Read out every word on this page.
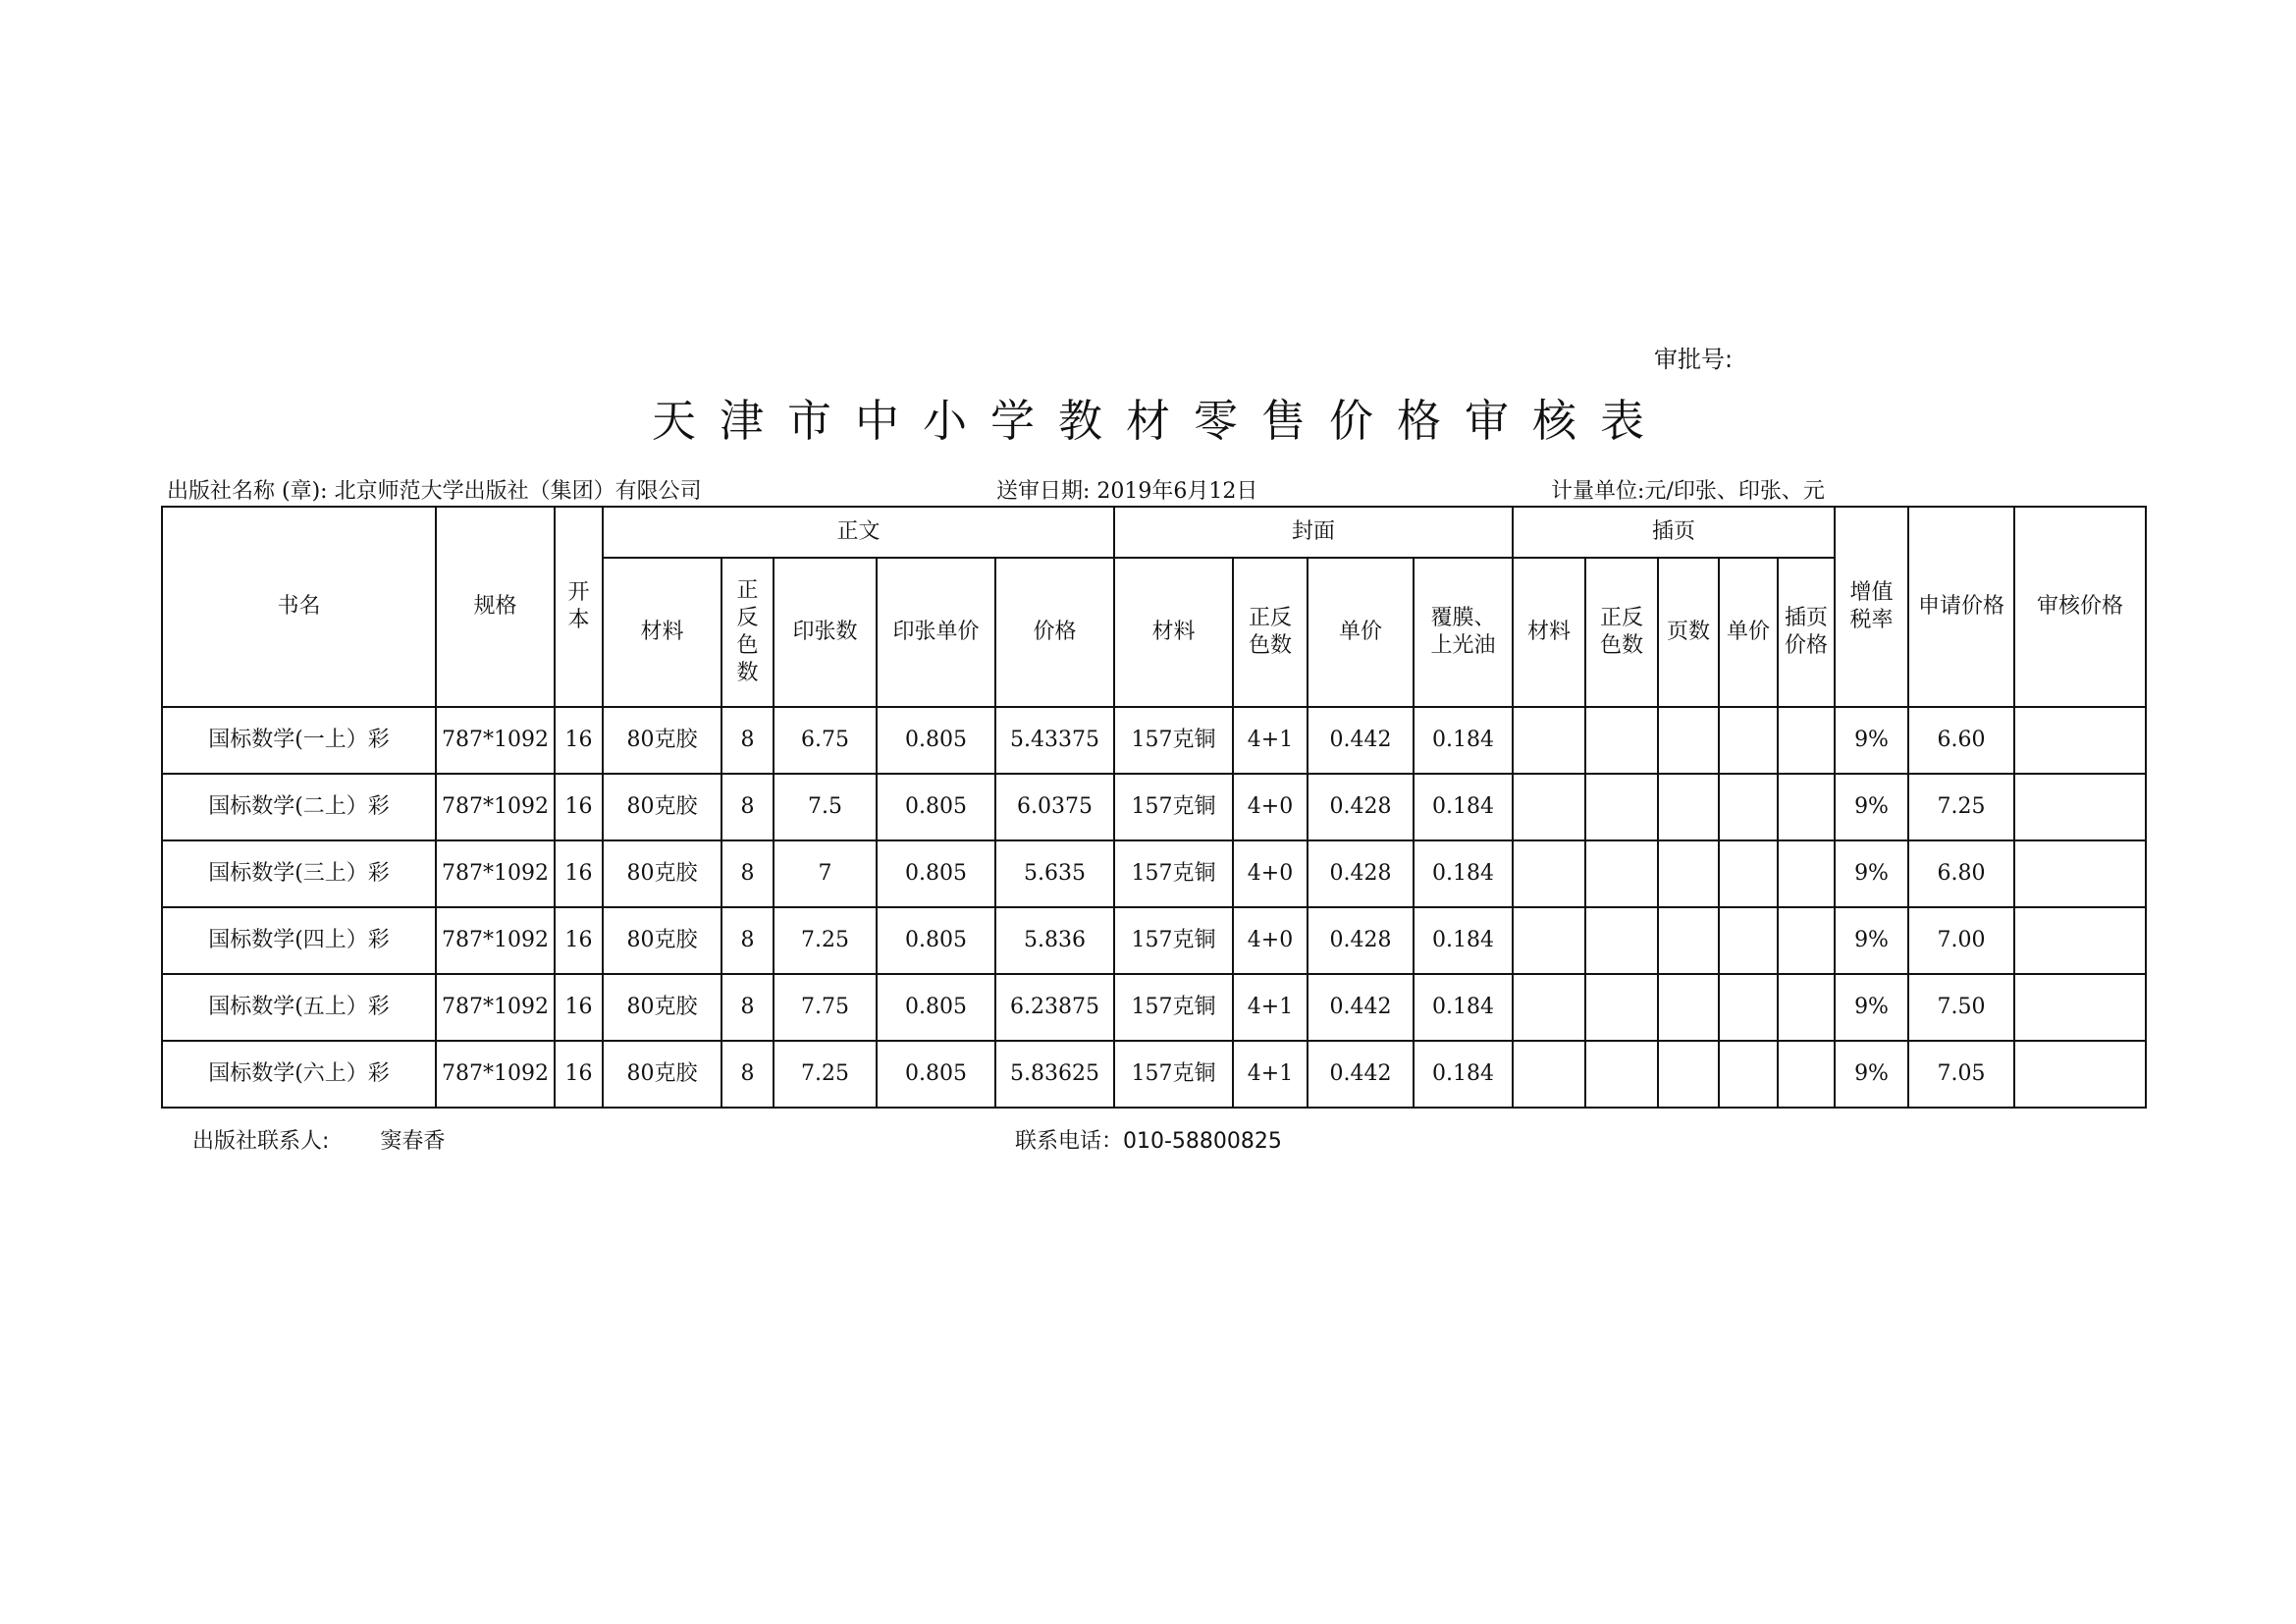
审批号:
天津市中小学教材零售价格审核表
出版社名称 (章): 北京师范大学出版社（集团）有限公司	送审日期: 2019年6月12日	计量单位:元/印张、印张、元
书名	规格	开本	正文					封面				插页					增值税率	申请价格	审核价格
			材料	正反色数	印张数	印张单价	价格	材料	正反色数	单价	覆膜、上光油	材料	正反色数	页数	单价	插页价格			
国标数学(一上）彩	787*1092	16	80克胶	8	6.75	0.805	5.43375	157克铜	4+1	0.442	0.184						9%	6.60	
国标数学(二上）彩	787*1092	16	80克胶	8	7.5	0.805	6.0375	157克铜	4+0	0.428	0.184						9%	7.25	
国标数学(三上）彩	787*1092	16	80克胶	8	7	0.805	5.635	157克铜	4+0	0.428	0.184						9%	6.80	
国标数学(四上）彩	787*1092	16	80克胶	8	7.25	0.805	5.836	157克铜	4+0	0.428	0.184						9%	7.00	
国标数学(五上）彩	787*1092	16	80克胶	8	7.75	0.805	6.23875	157克铜	4+1	0.442	0.184						9%	7.50	
国标数学(六上）彩	787*1092	16	80克胶	8	7.25	0.805	5.83625	157克铜	4+1	0.442	0.184						9%	7.05	
出版社联系人: 窦春香	联系电话：010-58800825
